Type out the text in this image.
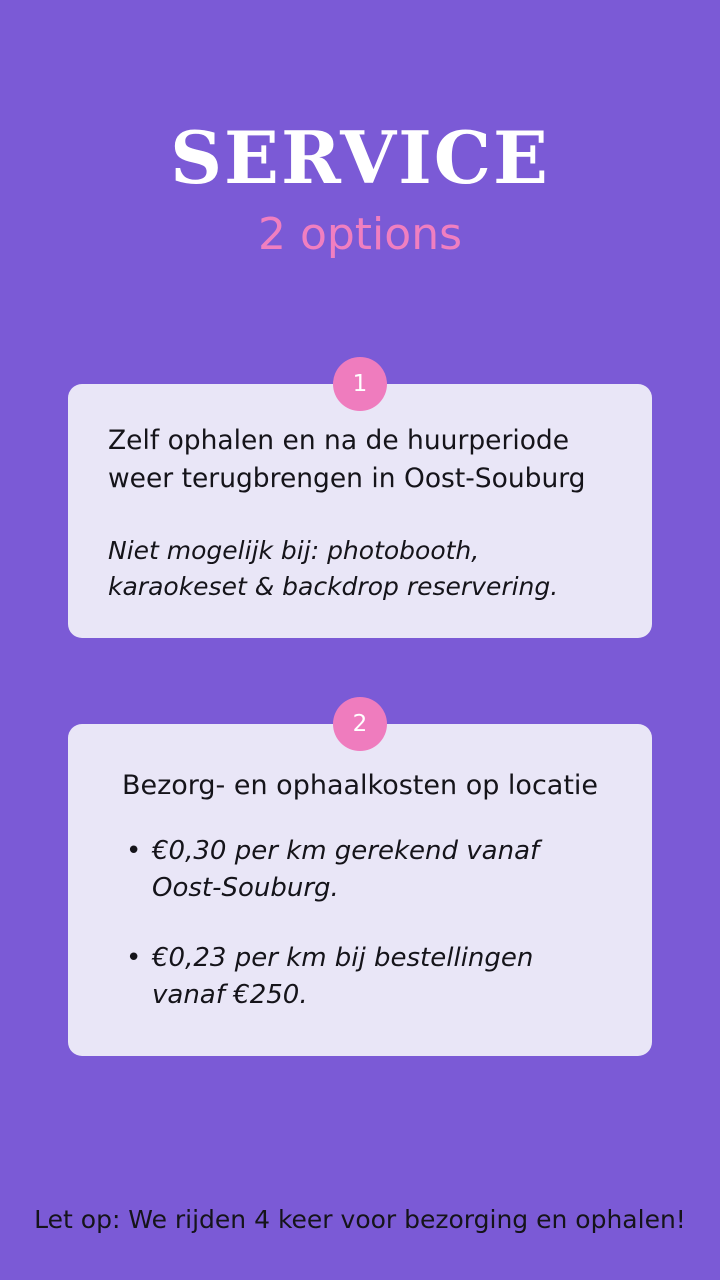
SERVICE
2 options
1

Zelf ophalen en na de huurperiode weer terugbrengen in Oost-Souburg

Niet mogelijk bij: photobooth, karaokeset & backdrop reservering.

2

Bezorg- en ophaalkosten op locatie

• €0,30 per km gerekend vanaf Oost-Souburg.
• €0,23 per km bij bestellingen vanaf €250.
Let op: We rijden 4 keer voor bezorging en ophalen!
